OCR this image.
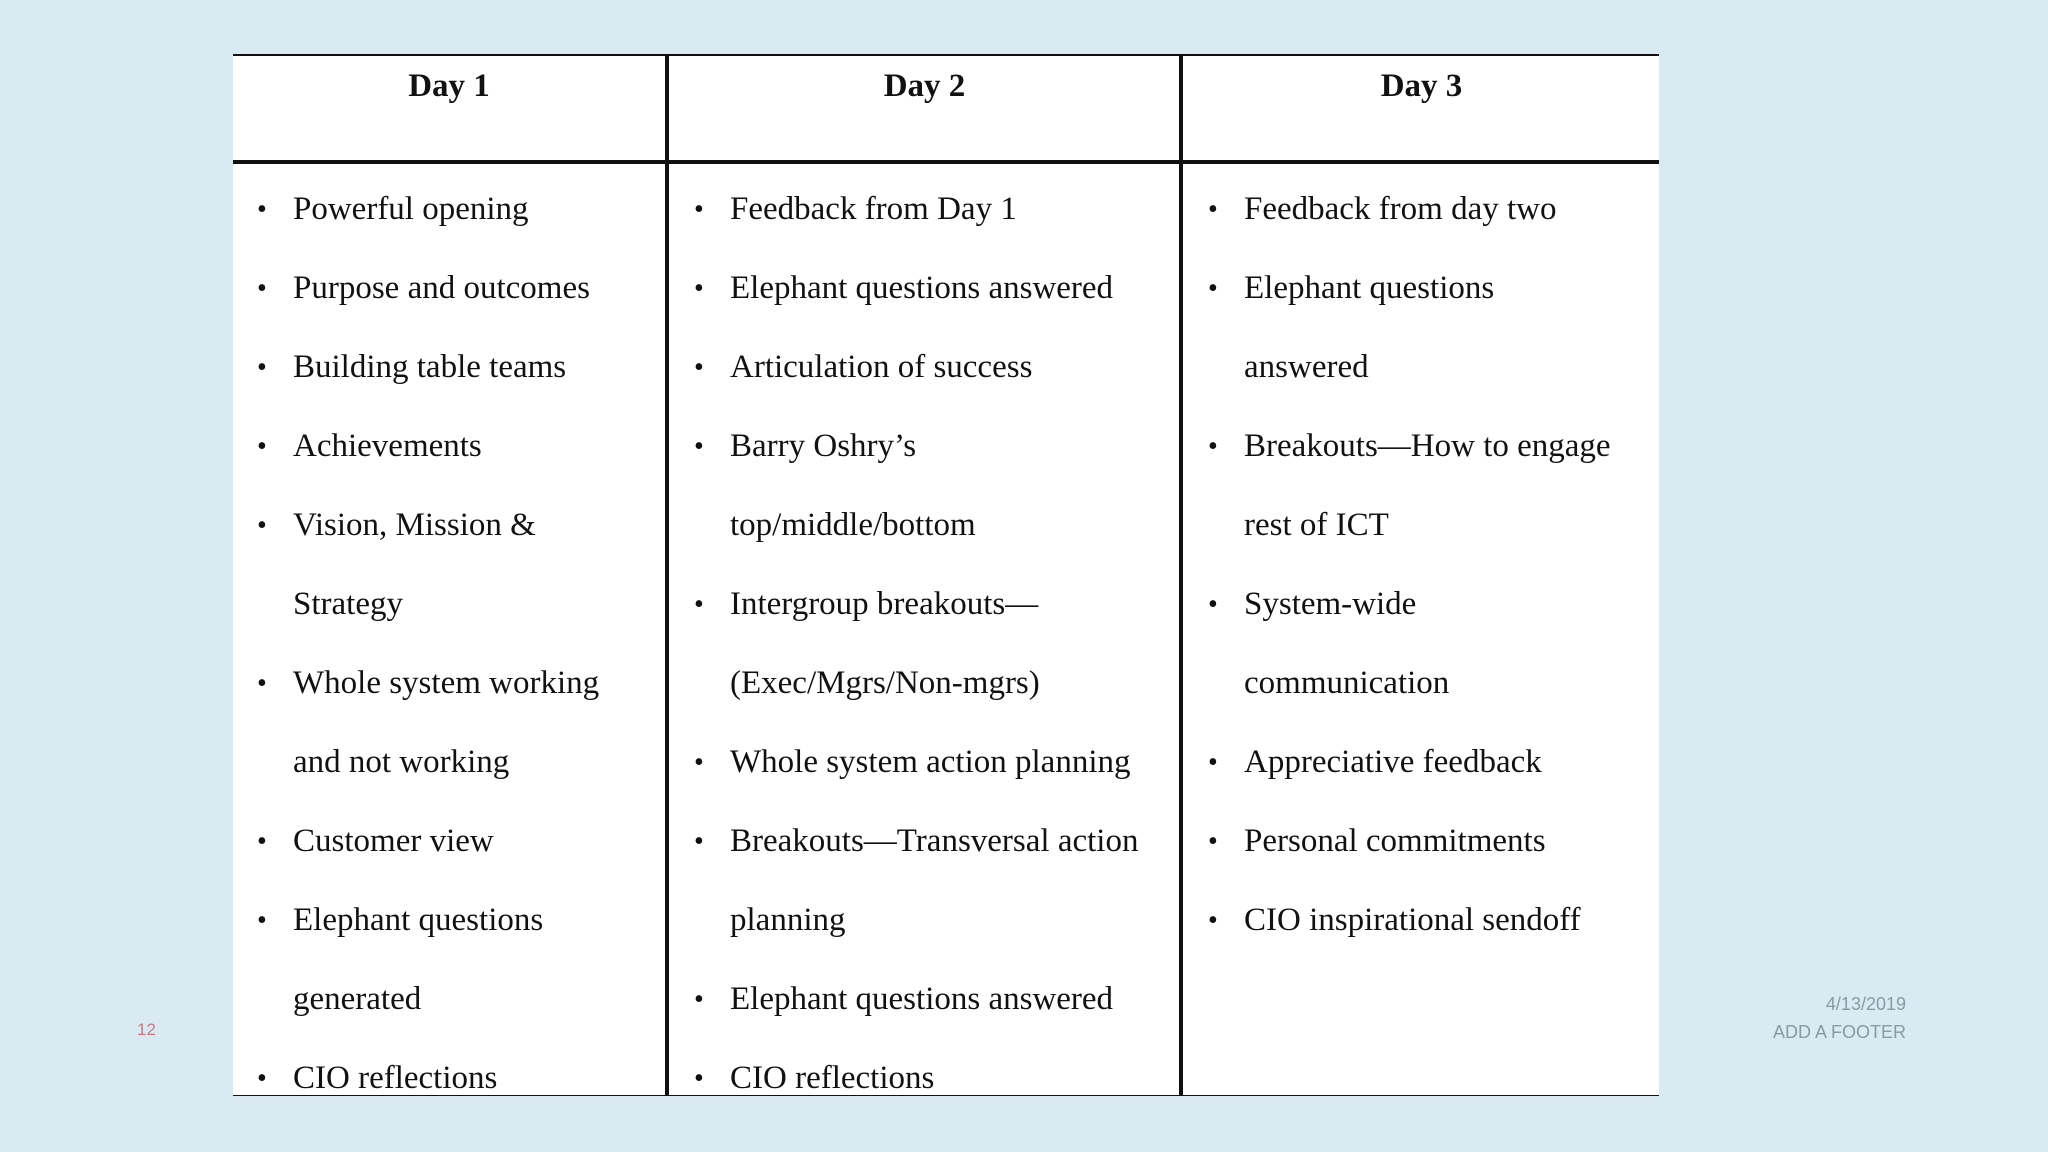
Day 1
• Powerful opening
• Purpose and outcomes
• Building table teams
• Achievements
• Vision, Mission & Strategy
• Whole system working and not working
• Customer view
• Elephant questions generated
• CIO reflections
Day 2
• Feedback from Day 1
• Elephant questions answered
• Articulation of success
• Barry Oshry’s top/middle/bottom
• Intergroup breakouts—(Exec/Mgrs/Non-mgrs)
• Whole system action planning
• Breakouts—Transversal action planning
• Elephant questions answered
• CIO reflections
Day 3
• Feedback from day two
• Elephant questions answered
• Breakouts—How to engage rest of ICT
• System-wide communication
• Appreciative feedback
• Personal commitments
• CIO inspirational sendoff
12
4/13/2019
ADD A FOOTER
